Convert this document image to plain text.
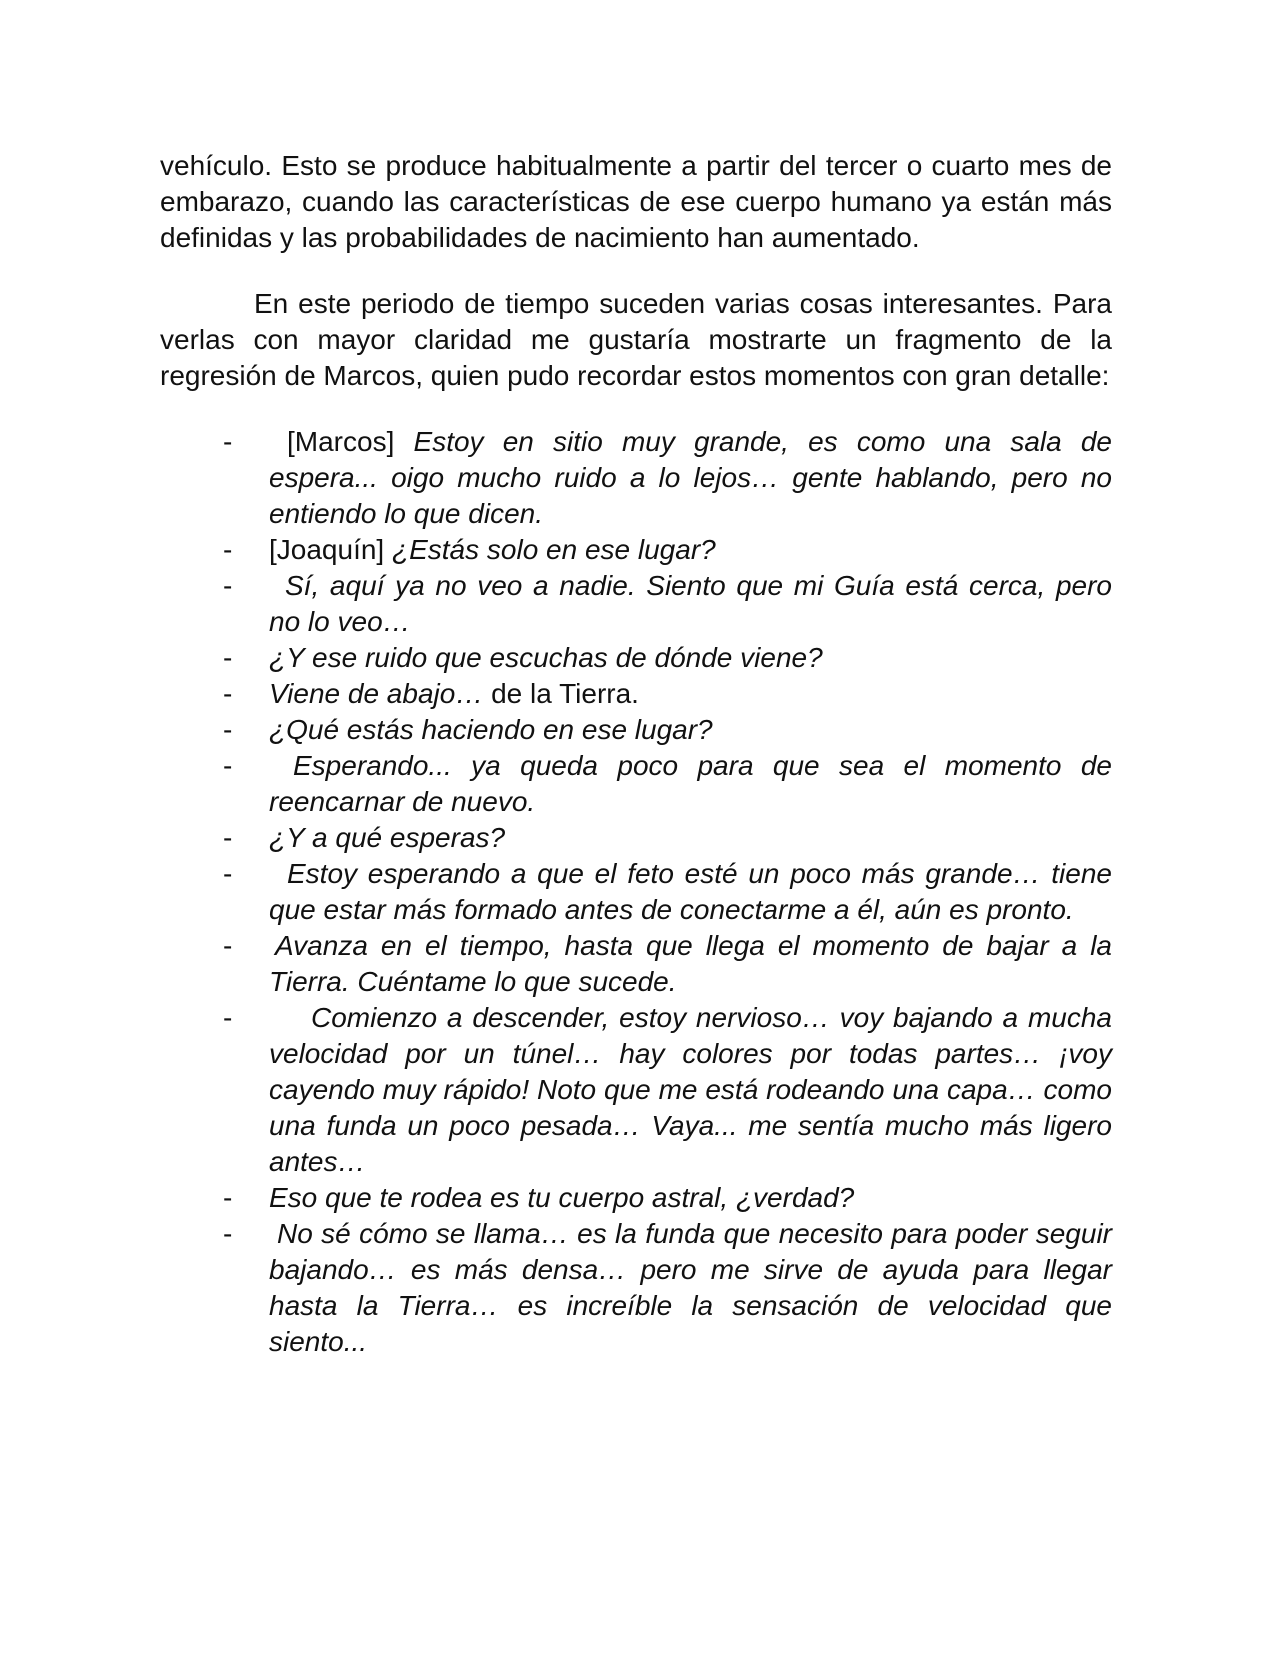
vehículo. Esto se produce habitualmente a partir del tercer o cuarto mes de embarazo, cuando las características de ese cuerpo humano ya están más definidas y las probabilidades de nacimiento han aumentado.

En este periodo de tiempo suceden varias cosas interesantes. Para verlas con mayor claridad me gustaría mostrarte un fragmento de la regresión de Marcos, quien pudo recordar estos momentos con gran detalle:

- [Marcos] Estoy en sitio muy grande, es como una sala de espera... oigo mucho ruido a lo lejos… gente hablando, pero no entiendo lo que dicen.
- [Joaquín] ¿Estás solo en ese lugar?
- Sí, aquí ya no veo a nadie. Siento que mi Guía está cerca, pero no lo veo…
- ¿Y ese ruido que escuchas de dónde viene?
- Viene de abajo… de la Tierra.
- ¿Qué estás haciendo en ese lugar?
- Esperando... ya queda poco para que sea el momento de reencarnar de nuevo.
- ¿Y a qué esperas?
- Estoy esperando a que el feto esté un poco más grande… tiene que estar más formado antes de conectarme a él, aún es pronto.
- Avanza en el tiempo, hasta que llega el momento de bajar a la Tierra. Cuéntame lo que sucede.
-	Comienzo a descender, estoy nervioso… voy bajando a mucha velocidad por un túnel… hay colores por todas partes… ¡voy cayendo muy rápido! Noto que me está rodeando una capa… como una funda un poco pesada… Vaya... me sentía mucho más ligero antes…
- Eso que te rodea es tu cuerpo astral, ¿verdad?
- No sé cómo se llama… es la funda que necesito para poder seguir bajando… es más densa… pero me sirve de ayuda para llegar hasta la Tierra… es increíble la sensación de velocidad que siento...
